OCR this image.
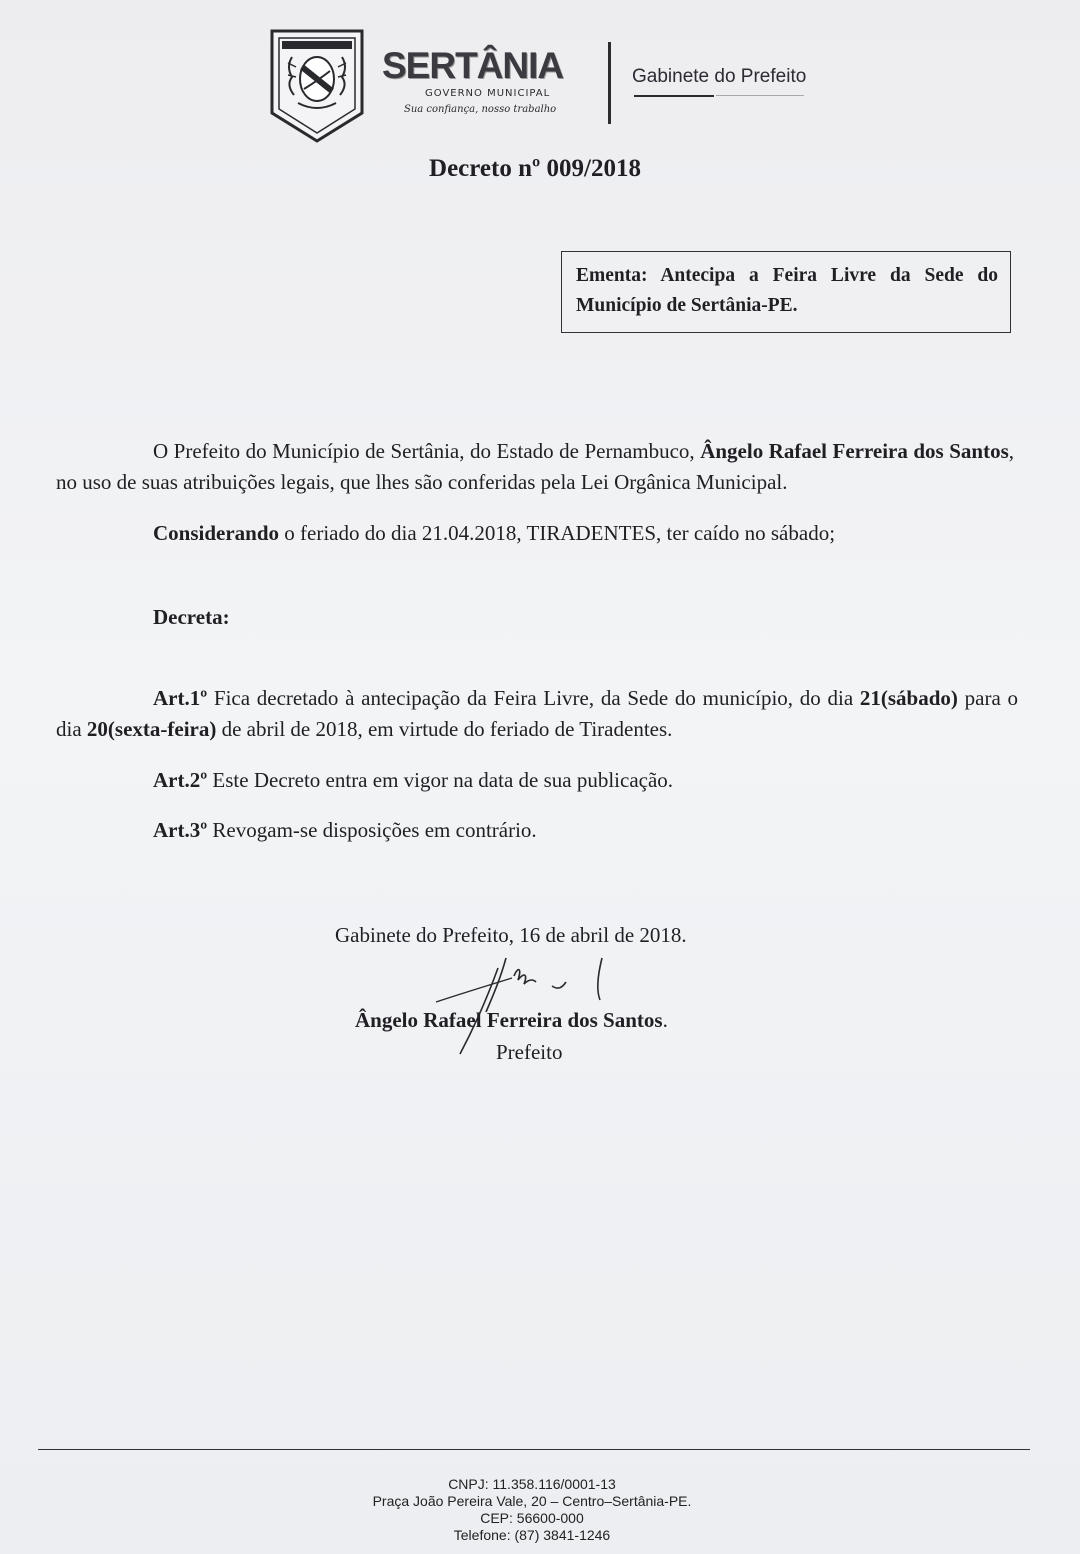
SERTÂNIA
GOVERNO MUNICIPAL
Sua confiança, nosso trabalho
Gabinete do Prefeito
Decreto nº 009/2018
Ementa: Antecipa a Feira Livre da Sede do Município de Sertânia-PE.
O Prefeito do Município de Sertânia, do Estado de Pernambuco, Ângelo Rafael Ferreira dos Santos, no uso de suas atribuições legais, que lhes são conferidas pela Lei Orgânica Municipal.
Considerando o feriado do dia 21.04.2018, TIRADENTES, ter caído no sábado;
Decreta:
Art.1º Fica decretado à antecipação da Feira Livre, da Sede do município, do dia 21(sábado) para o dia 20(sexta-feira) de abril de 2018, em virtude do feriado de Tiradentes.
Art.2º Este Decreto entra em vigor na data de sua publicação.
Art.3º Revogam-se disposições em contrário.
Gabinete do Prefeito, 16 de abril de 2018.
Ângelo Rafael Ferreira dos Santos.
Prefeito
CNPJ: 11.358.116/0001-13
Praça João Pereira Vale, 20 – Centro–Sertânia-PE.
CEP: 56600-000
Telefone: (87) 3841-1246
